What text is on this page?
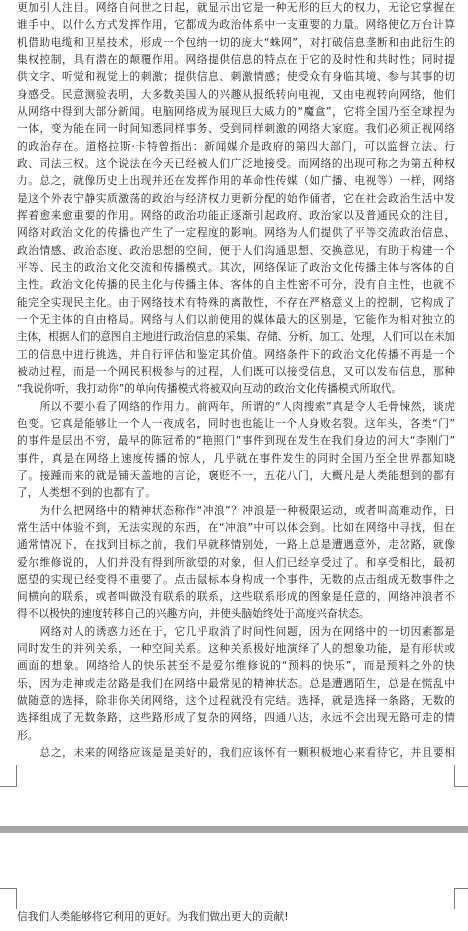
更加引人注目。网络自问世之日起，就显示出它是一种无形的巨大的权力，无论它掌握在
谁手中、以什么方式发挥作用，它都成为政治体系中一支重要的力量。网络使亿万台计算
机借助电缆和卫星技术，形成一个包纳一切的庞大“蛛网”，对打破信息垄断和由此衍生的
集权控制，具有潜在的颠覆作用。网络提供信息的特点在于它的及时性和共时性；同时提
供文字、听觉和视觉上的刺激；提供信息、刺激情感；使受众有身临其境、参与其事的切
身感受。民意测验表明，大多数美国人的兴趣从报纸转向电视，又由电视转向网络，他们
从网络中得到大部分新闻。电脑网络成为展现巨大威力的“魔盒”，它将全国乃至全球捏为
一体，变为能在同一时间知悉同样事务、受到同样刺激的网络大家庭。我们必须正视网络
的政治存在。道格拉斯·卡特曾指出：新闻媒介是政府的第四大部门，可以监督立法、行
政、司法三权。这个说法在今天已经被人们广泛地接受。而网络的出现可称之为第五种权
力。总之，就像历史上出现并还在发挥作用的革命性传媒（如广播、电视等）一样，网络
是这个外表宁静实质激荡的政治与经济权力更新分配的始作俑者，它在社会政治生活中发
挥着愈来愈重要的作用。网络的政治功能正逐渐引起政府、政治家以及普通民众的注目，
网络对政治文化的传播也产生了一定程度的影响。网络为人们提供了平等交流政治信息、
政治情感、政治态度、政治思想的空间，便于人们沟通思想、交换意见，有助于构建一个
平等、民主的政治文化交流和传播模式。其次，网络保证了政治文化传播主体与客体的自
主性。政治文化传播的民主化与传播主体、客体的自主性密不可分，没有自主性，也就不
能完全实现民主化。由于网络技术有特殊的离散性，不存在严格意义上的控制，它构成了
一个无主体的自由格局。网络与人们以前使用的媒体最大的区别是，它能作为相对独立的
主体，根据人们的意图自主地进行政治信息的采集、存储、分析、加工、处理，人们可以在未加
工的信息中进行挑选，并自行评估和鉴定其价值。网络条件下的政治文化传播不再是一个
被动过程，而是一个网民积极参与的过程，人们既可以接受信息，又可以发布信息，那种
“我说你听，我打动你”的单向传播模式将被双向互动的政治文化传播模式所取代。
所以不要小看了网络的作用力。前两年，所谓的“人肉搜索”真是令人毛骨悚然，谈虎
色变。它真是能够让一个人一夜成名，同时也也能让一个人身败名裂。这年头，各类“门”
的事件是层出不穷，最早的陈冠希的“艳照门”事件到现在发生在我们身边的河大“李刚门”
事件，真是在网络上速度传播的惊人，几乎就在事件发生的同时全国乃至全世界都知晓
了。接踵而来的就是铺天盖地的言论，褒贬不一，五花八门，大概凡是人类能想到的都有
了，人类想不到的也都有了。
为什么把网络中的精神状态称作“冲浪”？冲浪是一种极限运动，或者叫高难动作，日
常生活中体验不到，无法实现的东西，在“冲浪”中可以体会到。比如在网络中寻找，但在
通常情况下，在找到目标之前，我们早就移情别处，一路上总是遭遇意外，走岔路，就像
爱尔维修说的，人们并没有得到所欲望的对象，但人们已经享受过了。和享受相比，最初
愿望的实现已经变得不重要了。点击鼠标本身构成一个事件，无数的点击组成无数事件之
间横向的联系，或者叫做没有联系的联系，这些联系形成的图象是任意的，网络冲浪者不
得不以极快的速度转移自己的兴趣方向，并使头脑始终处于高度兴奋状态。
网络对人的诱惑力还在于，它几乎取消了时间性问题，因为在网络中的一切因素都是
同时发生的并列关系，一种空间关系。这种关系极好地演绎了人的想象功能，是有形状或
画面的想象。网络给人的快乐甚至不是爱尔维修说的“预料的快乐”，而是预料之外的快
乐，因为走神或走岔路是我们在网络中最常见的精神状态。总是遭遇陌生，总是在慌乱中
做随意的选择，除非你关闭网络，这个过程就没有完结。选择，就是选择一条路，无数的
选择组成了无数条路，这些路形成了复杂的网络，四通八达，永远不会出现无路可走的情
形。
总之，未来的网络应该是是美好的，我们应该怀有一颗积极地心来看待它，并且要相
信我们人类能够将它利用的更好。为我们做出更大的贡献!
